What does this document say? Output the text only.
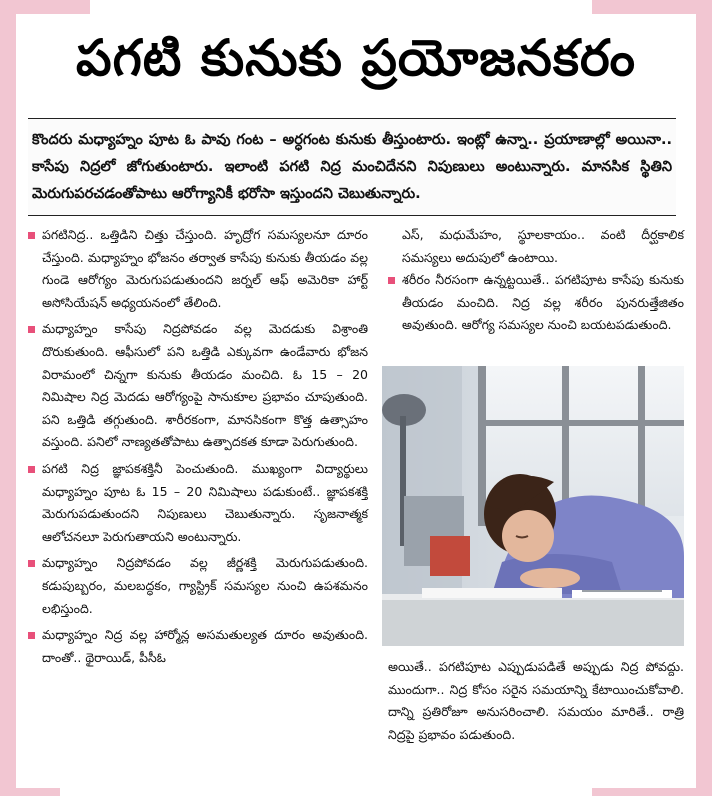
పగటి కునుకు ప్రయోజనకరం

కొందరు మధ్యాహ్నం పూట ఓ పావు గంట – అర్ధగంట కునుకు తీస్తుంటారు. ఇంట్లో ఉన్నా.. ప్రయాణాల్లో అయినా.. కాసేపు నిద్రలో జోగుతుంటారు. ఇలాంటి పగటి నిద్ర మంచిదేనని నిపుణులు అంటున్నారు. మానసిక స్థితిని మెరుగుపరచడంతోపాటు ఆరోగ్యానికీ భరోసా ఇస్తుందని చెబుతున్నారు.

పగటినిద్ర.. ఒత్తిడిని చిత్తు చేస్తుంది. హృద్రోగ సమస్యలనూ దూరం చేస్తుంది. మధ్యాహ్నం భోజనం తర్వాత కాసేపు కునుకు తీయడం వల్ల గుండె ఆరోగ్యం మెరుగుపడుతుందని జర్నల్ ఆఫ్ అమెరికా హార్ట్ అసోసియేషన్ అధ్యయనంలో తేలింది.

మధ్యాహ్నం కాసేపు నిద్రపోవడం వల్ల మెదడుకు విశ్రాంతి దొరుకుతుంది. ఆఫీసులో పని ఒత్తిడి ఎక్కువగా ఉండేవారు భోజన విరామంలో చిన్నగా కునుకు తీయడం మంచిది. ఓ 15 – 20 నిమిషాల నిద్ర మెదడు ఆరోగ్యంపై సానుకూల ప్రభావం చూపుతుంది. పని ఒత్తిడి తగ్గుతుంది. శారీరకంగా, మానసికంగా కొత్త ఉత్సాహం వస్తుంది. పనిలో నాణ్యతతోపాటు ఉత్పాదకత కూడా పెరుగుతుంది.

పగటి నిద్ర జ్ఞాపకశక్తినీ పెంచుతుంది. ముఖ్యంగా విద్యార్థులు మధ్యాహ్నం పూట ఓ 15 – 20 నిమిషాలు పడుకుంటే.. జ్ఞాపకశక్తి మెరుగుపడుతుందని నిపుణులు చెబుతున్నారు. సృజనాత్మక ఆలోచనలూ పెరుగుతాయని అంటున్నారు.

మధ్యాహ్నం నిద్రపోవడం వల్ల జీర్ణశక్తి మెరుగుపడుతుంది. కడుపుబ్బరం, మలబద్ధకం, గ్యాస్ట్రిక్ సమస్యల నుంచి ఉపశమనం లభిస్తుంది.

మధ్యాహ్నం నిద్ర వల్ల హార్మోన్ల అసమతుల్యత దూరం అవుతుంది. దాంతో.. థైరాయిడ్, పీసీఓ

ఎస్, మధుమేహం, స్థూలకాయం.. వంటి దీర్ఘకాలిక సమస్యలు అదుపులో ఉంటాయి.

శరీరం నీరసంగా ఉన్నట్టయితే.. పగటిపూట కాసేపు కునుకు తీయడం మంచిది. నిద్ర వల్ల శరీరం పునరుత్తేజితం అవుతుంది. ఆరోగ్య సమస్యల నుంచి బయటపడుతుంది.

అయితే.. పగటిపూట ఎప్పుడుపడితే అప్పుడు నిద్ర పోవద్దు. ముందుగా.. నిద్ర కోసం సరైన సమయాన్ని కేటాయించుకోవాలి. దాన్ని ప్రతిరోజూ అనుసరించాలి. సమయం మారితే.. రాత్రి నిద్రపై ప్రభావం పడుతుంది.
